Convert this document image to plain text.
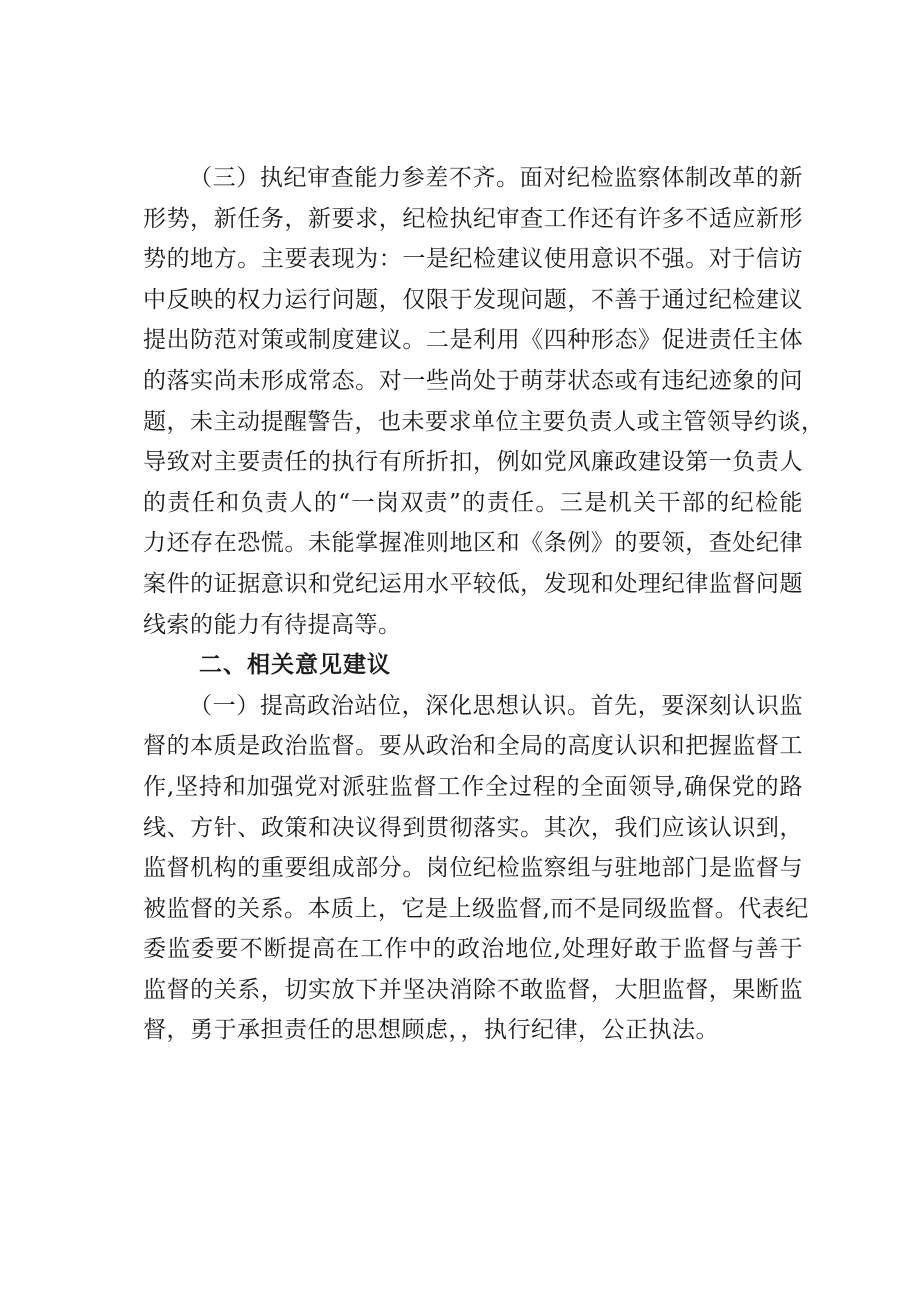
（三）执纪审查能力参差不齐。面对纪检监察体制改革的新
形势，新任务，新要求，纪检执纪审查工作还有许多不适应新形
势的地方。主要表现为：一是纪检建议使用意识不强。对于信访
中反映的权力运行问题，仅限于发现问题，不善于通过纪检建议
提出防范对策或制度建议。二是利用《四种形态》促进责任主体
的落实尚未形成常态。对一些尚处于萌芽状态或有违纪迹象的问
题，未主动提醒警告，也未要求单位主要负责人或主管领导约谈，
导致对主要责任的执行有所折扣，例如党风廉政建设第一负责人
的责任和负责人的“一岗双责”的责任。三是机关干部的纪检能
力还存在恐慌。未能掌握准则地区和《条例》的要领，查处纪律
案件的证据意识和党纪运用水平较低，发现和处理纪律监督问题
线索的能力有待提高等。
二、相关意见建议
（一）提高政治站位，深化思想认识。首先，要深刻认识监
督的本质是政治监督。要从政治和全局的高度认识和把握监督工
作,坚持和加强党对派驻监督工作全过程的全面领导,确保党的路
线、方针、政策和决议得到贯彻落实。其次，我们应该认识到，
监督机构的重要组成部分。岗位纪检监察组与驻地部门是监督与
被监督的关系。本质上，它是上级监督,而不是同级监督。代表纪
委监委要不断提高在工作中的政治地位,处理好敢于监督与善于
监督的关系，切实放下并坚决消除不敢监督，大胆监督，果断监
督，勇于承担责任的思想顾虑，，执行纪律，公正执法。
